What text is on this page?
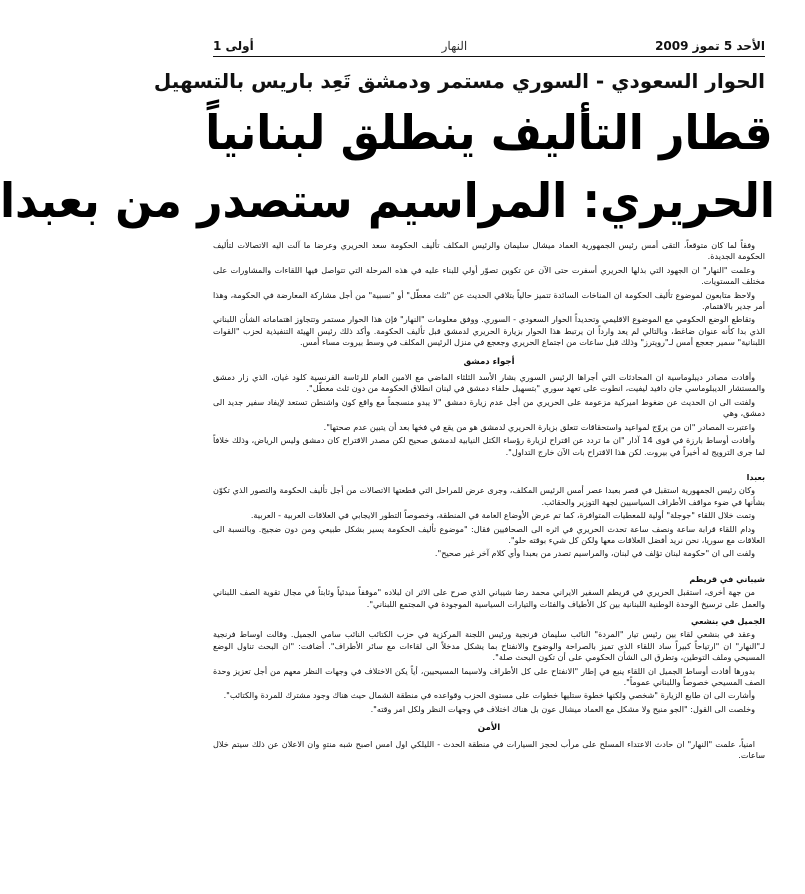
الأحد 5 تموز 2009
النهار
أولى 1
الحوار السعودي - السوري مستمر ودمشق تَعِد باريس بالتسهيل
قطار التأليف ينطلق لبنانياً
الحريري: المراسيم ستصدر من بعبدا

وفقاً لما كان متوقعاً، التقى أمس رئيس الجمهورية العماد ميشال سليمان والرئيس المكلف تأليف الحكومة سعد الحريري وعرضا ما آلت اليه الاتصالات لتأليف الحكومة الجديدة.

وعلمت "النهار" ان الجهود التي بذلها الحريري أسفرت حتى الآن عن تكوين تصوّر أولي للبناء عليه في هذه المرحلة التي تتواصل فيها اللقاءات والمشاورات على مختلف المستويات.

ولاحظ متابعون لموضوع تأليف الحكومة ان المناخات السائدة تتميز حالياً بتلافي الحديث عن "ثلث معطّل" أو "نسبية" من أجل مشاركة المعارضة في الحكومة، وهذا أمر جدير بالاهتمام.

وتقاطع الوضع الحكومي مع الموضوع الاقليمي وتحديداً الحوار السعودي - السوري. ووفق معلومات "النهار" فإن هذا الحوار مستمر وتتجاوز اهتماماته الشأن اللبناني الذي بدا كأنه عنوان ضاغط، وبالتالي لم يعد وارداً ان يرتبط هذا الحوار بزيارة الحريري لدمشق قبل تأليف الحكومة. وأكد ذلك رئيس الهيئة التنفيذية لحزب "القوات اللبنانية" سمير جعجع أمس لـ"رويترز" وذلك قبل ساعات من اجتماع الحريري وجعجع في منزل الرئيس المكلف في وسط بيروت مساء أمس.

أجواء دمشق

وأفادت مصادر ديبلوماسية ان المحادثات التي أجراها الرئيس السوري بشار الأسد الثلثاء الماضي مع الامين العام للرئاسة الفرنسية كلود غيان، الذي زار دمشق والمستشار الديبلوماسي جان دافيد ليفيت، انطوت على تعهد سوري "بتسهيل حلفاء دمشق في لبنان انطلاق الحكومة من دون ثلث معطّل".

ولفتت الى ان الحديث عن ضغوط اميركية مزعومة على الحريري من أجل عدم زيارة دمشق "لا يبدو منسجماً مع واقع كون واشنطن تستعد لإيفاد سفير جديد الى دمشق، وهي

واعتبرت المصادر "ان من يروّج لمواعيد واستحقاقات تتعلق بزيارة الحريري لدمشق هو من يقع في فخها بعد أن يتبين عدم صحتها".

وأفادت أوساط بارزة في قوى 14 آذار "ان ما تردد عن اقتراح لزيارة رؤساء الكتل النيابية لدمشق صحيح لكن مصدر الاقتراح كان دمشق وليس الرياض، وذلك خلافاً لما جرى الترويج له أخيراً في بيروت. لكن هذا الاقتراح بات الآن خارج التداول".

بعبدا

وكان رئيس الجمهورية استقبل في قصر بعبدا عصر أمس الرئيس المكلف، وجرى عرض للمراحل التي قطعتها الاتصالات من أجل تأليف الحكومة والتصور الذي تكوّن بشأنها في ضوء مواقف الأطراف السياسيين لجهة التوزير والحقائب.

وتمت خلال اللقاء "جوجلة" أولية للمعطيات المتوافرة، كما تم عرض الأوضاع العامة في المنطقة، وخصوصاً التطور الايجابي في العلاقات العربية - العربية.

ودام اللقاء قرابة ساعة ونصف ساعة تحدث الحريري في اثره الى الصحافيين فقال: "موضوع تأليف الحكومة يسير بشكل طبيعي ومن دون ضجيج. وبالنسبة الى العلاقات مع سوريا، نحن نريد أفضل العلاقات معها ولكن كل شيء بوقته حلو".

ولفت الى ان "حكومة لبنان تؤلف في لبنان، والمراسيم تصدر من بعبدا وأي كلام آخر غير صحيح".

شيباني في قريطم

من جهة أخرى، استقبل الحريري في قريطم السفير الايراني محمد رضا شيباني الذي صرح على الاثر ان لبلاده "موقفاً مبدئياً وثابتاً في مجال تقوية الصف اللبناني والعمل على ترسيخ الوحدة الوطنية اللبنانية بين كل الأطياف والفئات والتيارات السياسية الموجودة في المجتمع اللبناني".

الجميل في بنشعي

وعقد في بنشعي لقاء بين رئيس تيار "المردة" النائب سليمان فرنجية ورئيس اللجنة المركزية في حزب الكتائب النائب سامي الجميل. وقالت اوساط فرنجية لـ"النهار" ان "ارتياحاً كبيراً ساد اللقاء الذي تميز بالصراحة والوضوح والانفتاح بما يشكل مدخلاً الى لقاءات مع سائر الأطراف". أضافت: "ان البحث تناول الوضع المسيحي وملف التوطين، وتطرق الى الشأن الحكومي على أن تكون البحث صلة".

بدورها أفادت أوساط الجميل ان اللقاء ينبع في إطار "الانفتاح على كل الأطراف ولاسيما المسيحيين، أياً يكن الاختلاف في وجهات النظر معهم من أجل تعزيز وحدة الصف المسيحي خصوصاً واللبناني عموماً".

وأشارت الى ان طابع الزيارة "شخصي ولكنها خطوة ستليها خطوات على مستوى الحزب وقواعده في منطقة الشمال حيث هناك وجود مشترك للمردة والكتائب".

وخلصت الى القول: "الجو منيح ولا مشكل مع العماد ميشال عون بل هناك اختلاف في وجهات النظر ولكل امر وقته".

الأمن

امنياً، علمت "النهار" ان حادث الاعتداء المسلح على مرأب لحجز السيارات في منطقة الحدث - الليلكي اول امس اصبح شبه منتهٍ وان الاعلان عن ذلك سيتم خلال ساعات.
